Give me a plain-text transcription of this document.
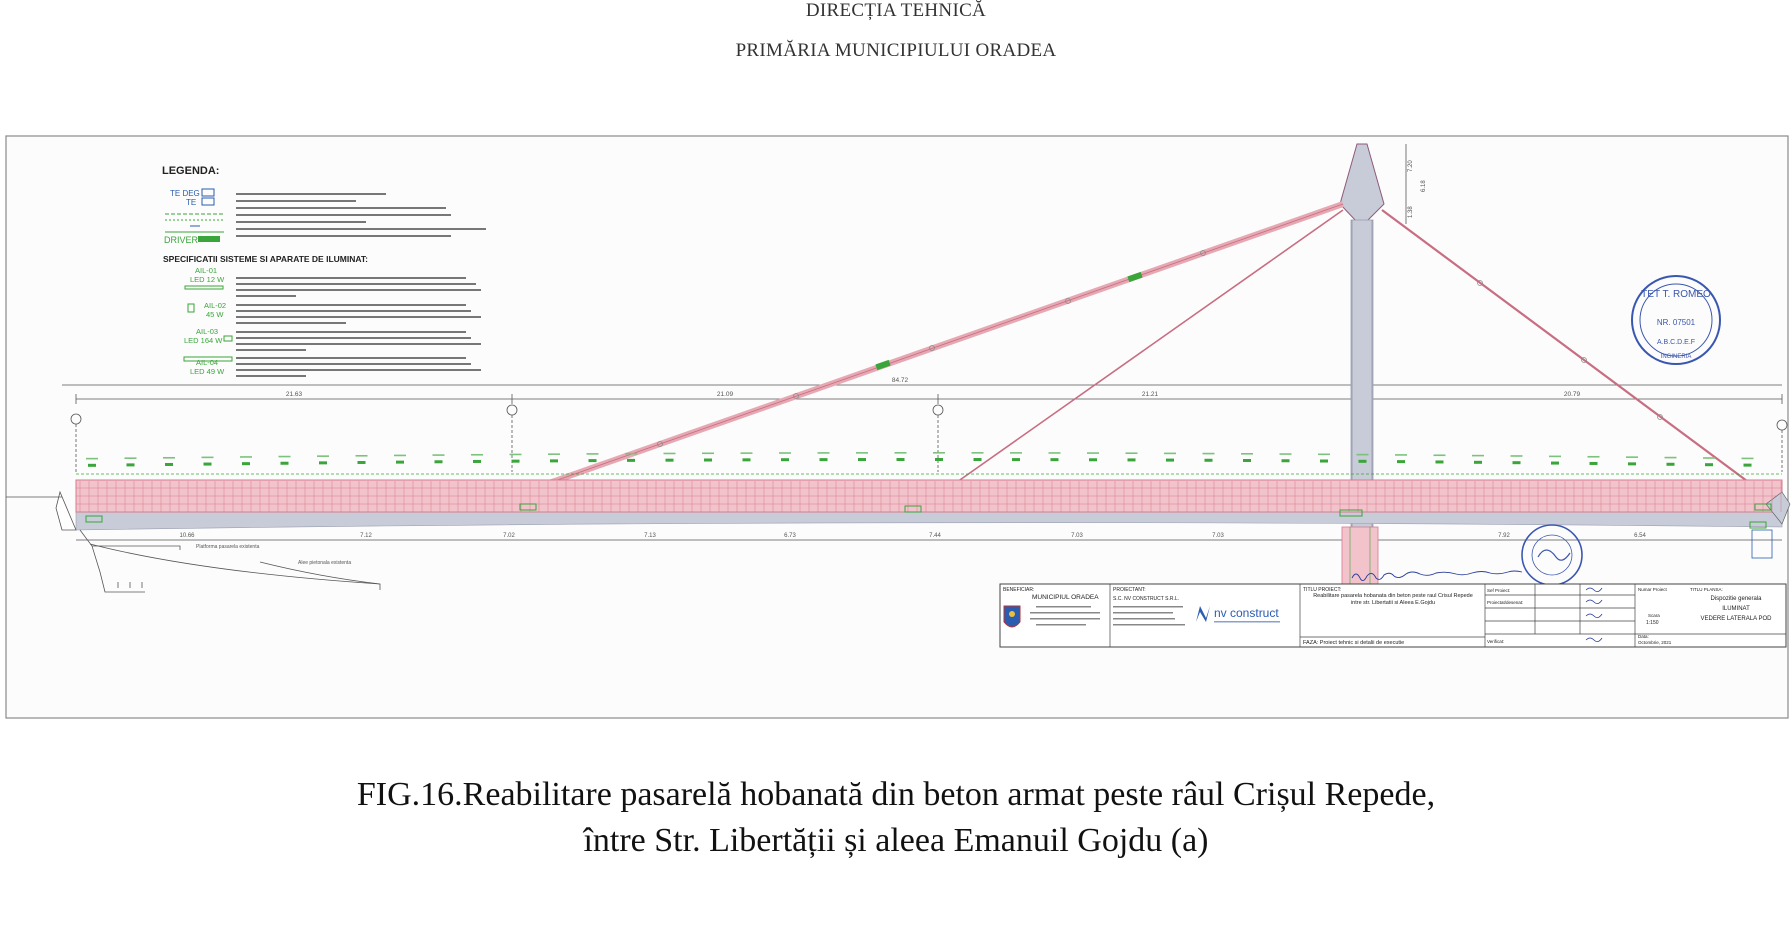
DIRECȚIA TEHNICĂ
PRIMĂRIA MUNICIPIULUI ORADEA
LEGENDA:
TE DEG
TE
DRIVER
SPECIFICATII SISTEME SI APARATE DE ILUMINAT:
AIL-01
LED 12 W
AIL-02
45 W
AIL-03
LED 164 W
AIL-04
LED 49 W
84.72
21.63	21.09	21.21	20.79
7.20
6.18
1.38
10.66	7.12	7.02	7.13	6.73	7.44	7.03	7.03	7.92	6.54
Platforma pasarela existenta
Alee pietonala existenta
TET T. ROMEO
NR. 07501
A.B.C.D.E.F
INGINERIA
BENEFICIAR:
MUNICIPIUL ORADEA
PROIECTANT:
S.C. NV CONSTRUCT S.R.L.
nv construct
TITLU PROIECT:
Reabilitare pasarela hobanata din beton peste raul Crisul Repede intre str. Libertatii si Aleea E.Gojdu
FAZA: Proiect tehnic si detalii de executie
Sef Proiect:
Proiectat/desenat:
Verificat:
Numar Proiect
Scara
1:150
Data:
Octombrie, 2021
TITLU PLANSA:
Dispozitie generala
ILUMINAT
VEDERE LATERALA POD
FIG.16.Reabilitare pasarelă hobanată din beton armat peste râul Crișul Repede,
între Str. Libertății și aleea Emanuil Gojdu (a)
